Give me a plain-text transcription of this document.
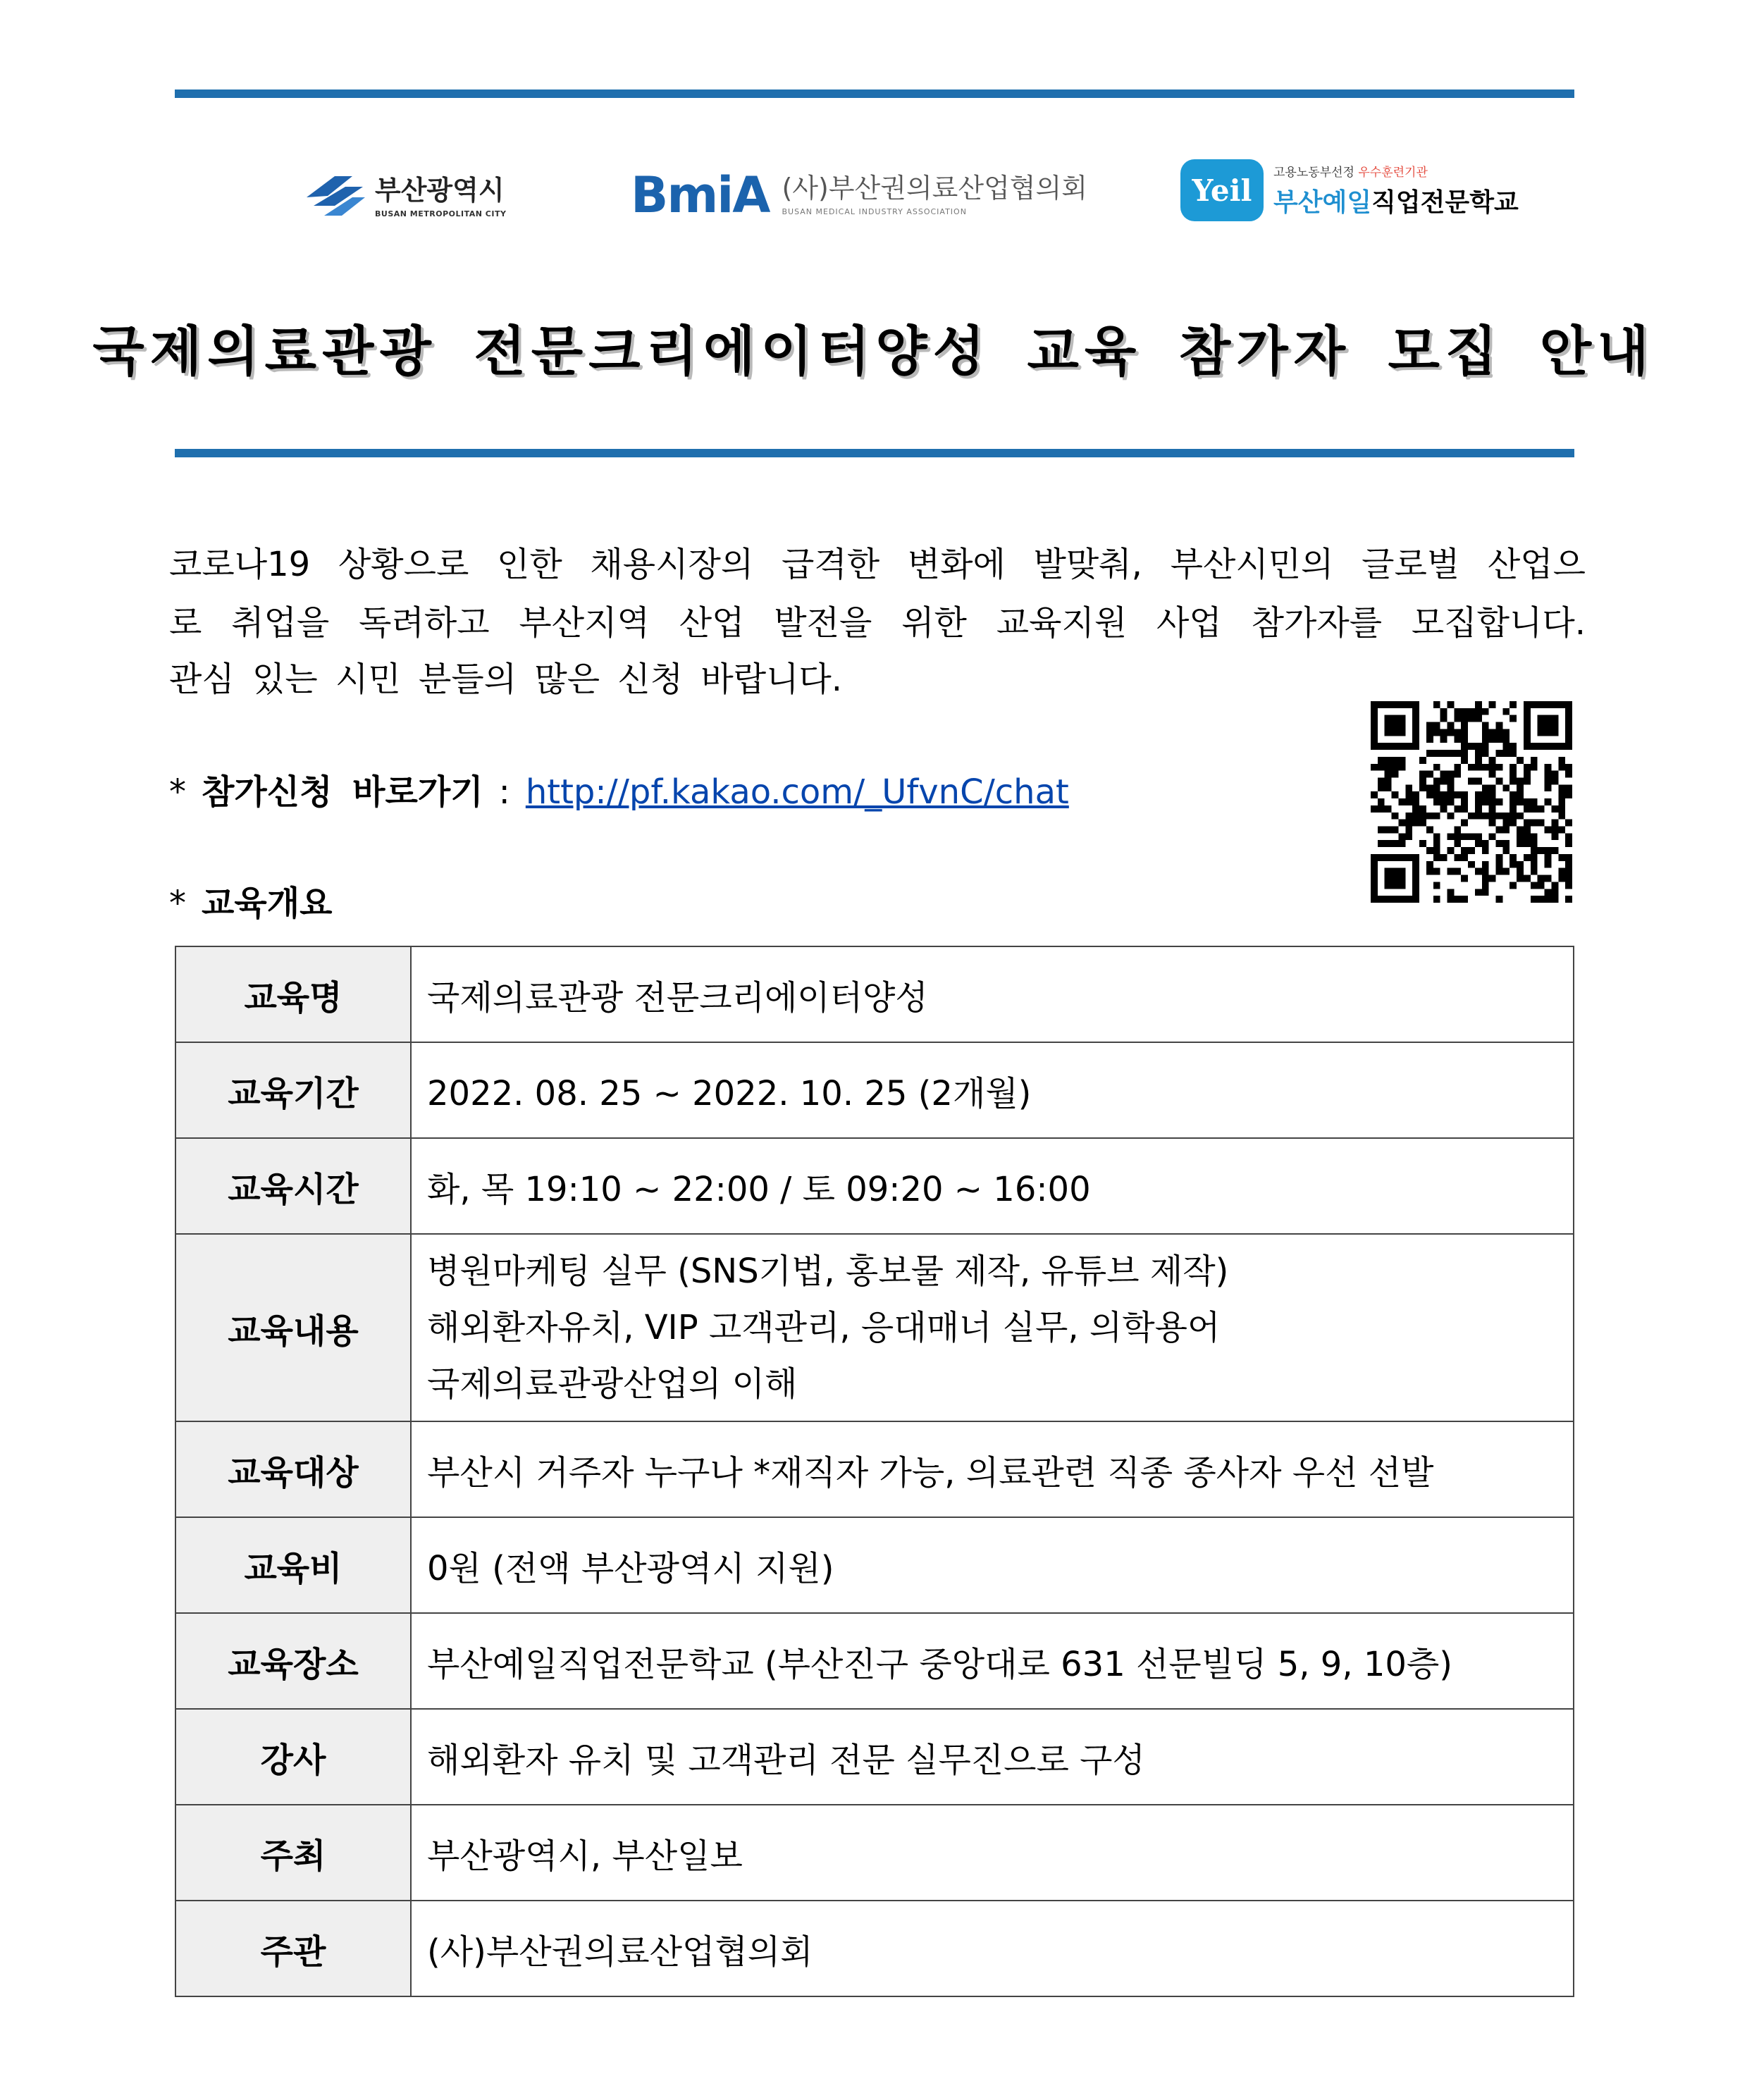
부산광역시
BUSAN METROPOLITAN CITY	BmiA (사)부산권의료산업협의회
BUSAN MEDICAL INDUSTRY ASSOCIATION
Yeil
고용노동부선정 우수훈련기관
부산예일직업전문학교
국제의료관광 전문크리에이터양성 교육 참가자 모집 안내
코로나19 상황으로 인한 채용시장의 급격한 변화에 발맞춰, 부산시민의 글로벌 산업으
로 취업을 독려하고 부산지역 산업 발전을 위한 교육지원 사업 참가자를 모집합니다.
관심 있는 시민 분들의 많은 신청 바랍니다.
* 참가신청 바로가기 : http://pf.kakao.com/_UfvnC/chat
* 교육개요
교육명	국제의료관광 전문크리에이터양성
교육기간	2022. 08. 25 ~ 2022. 10. 25 (2개월)
교육시간	화, 목 19:10 ~ 22:00 / 토 09:20 ~ 16:00
교육내용	병원마케팅 실무 (SNS기법, 홍보물 제작, 유튜브 제작)
해외환자유치, VIP 고객관리, 응대매너 실무, 의학용어
국제의료관광산업의 이해

교육대상	부산시 거주자 누구나 *재직자 가능, 의료관련 직종 종사자 우선 선발
교육비	0원 (전액 부산광역시 지원)
교육장소	부산예일직업전문학교 (부산진구 중앙대로 631 선문빌딩 5, 9, 10층)
강사	해외환자 유치 및 고객관리 전문 실무진으로 구성
주최	부산광역시, 부산일보
주관	(사)부산권의료산업협의회
